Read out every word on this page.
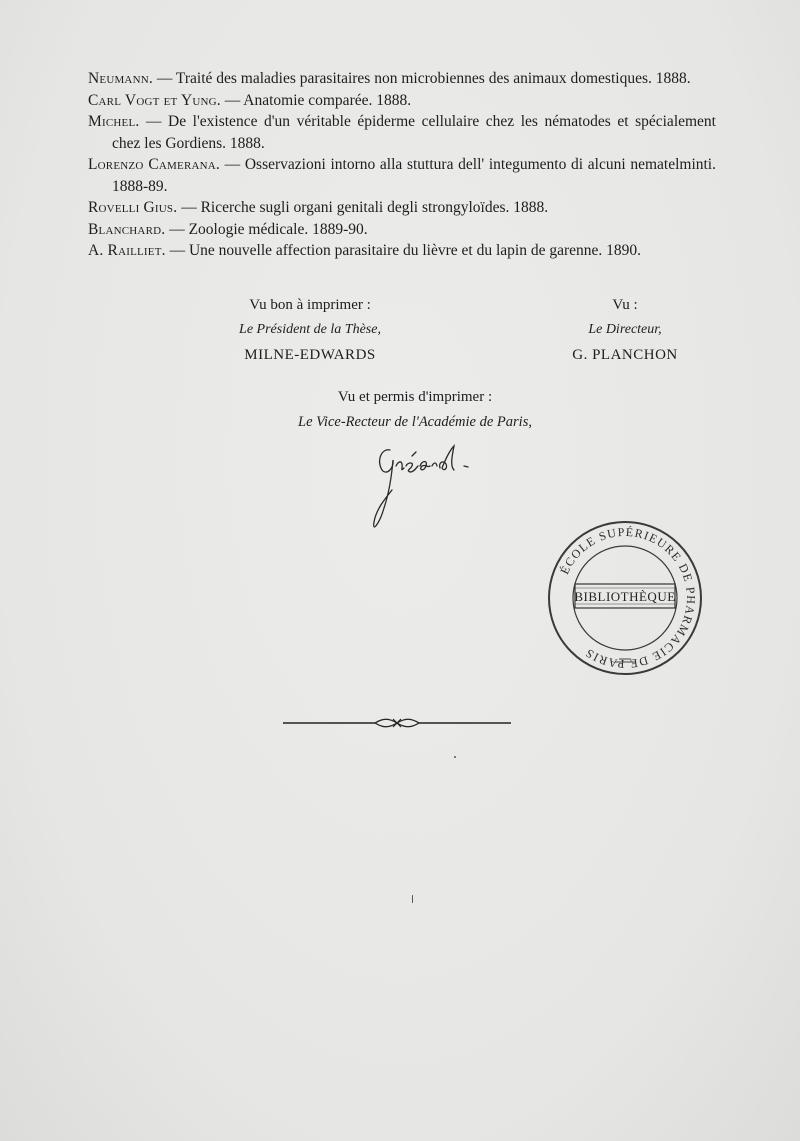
Neumann. — Traité des maladies parasitaires non microbiennes des animaux domestiques. 1888.

Carl Vogt et Yung. — Anatomie comparée. 1888.

Michel. — De l'existence d'un véritable épiderme cellulaire chez les nématodes et spécialement chez les Gordiens. 1888.

Lorenzo Camerana. — Osservazioni intorno alla stuttura dell' integumento di alcuni nematelminti. 1888-89.

Rovelli Gius. — Ricerche sugli organi genitali degli strongyloïdes. 1888.

Blanchard. — Zoologie médicale. 1889-90.

A. Railliet. — Une nouvelle affection parasitaire du lièvre et du lapin de garenne. 1890.

Vu bon à imprimer :
Le Président de la Thèse,
MILNE-EDWARDS
Vu :
Le Directeur,
G. PLANCHON
Vu et permis d'imprimer :
Le Vice-Recteur de l'Académie de Paris,
ÉCOLE SUPÉRIEURE DE PHARMACIE DE PARIS
BIBLIOTHÈQUE
